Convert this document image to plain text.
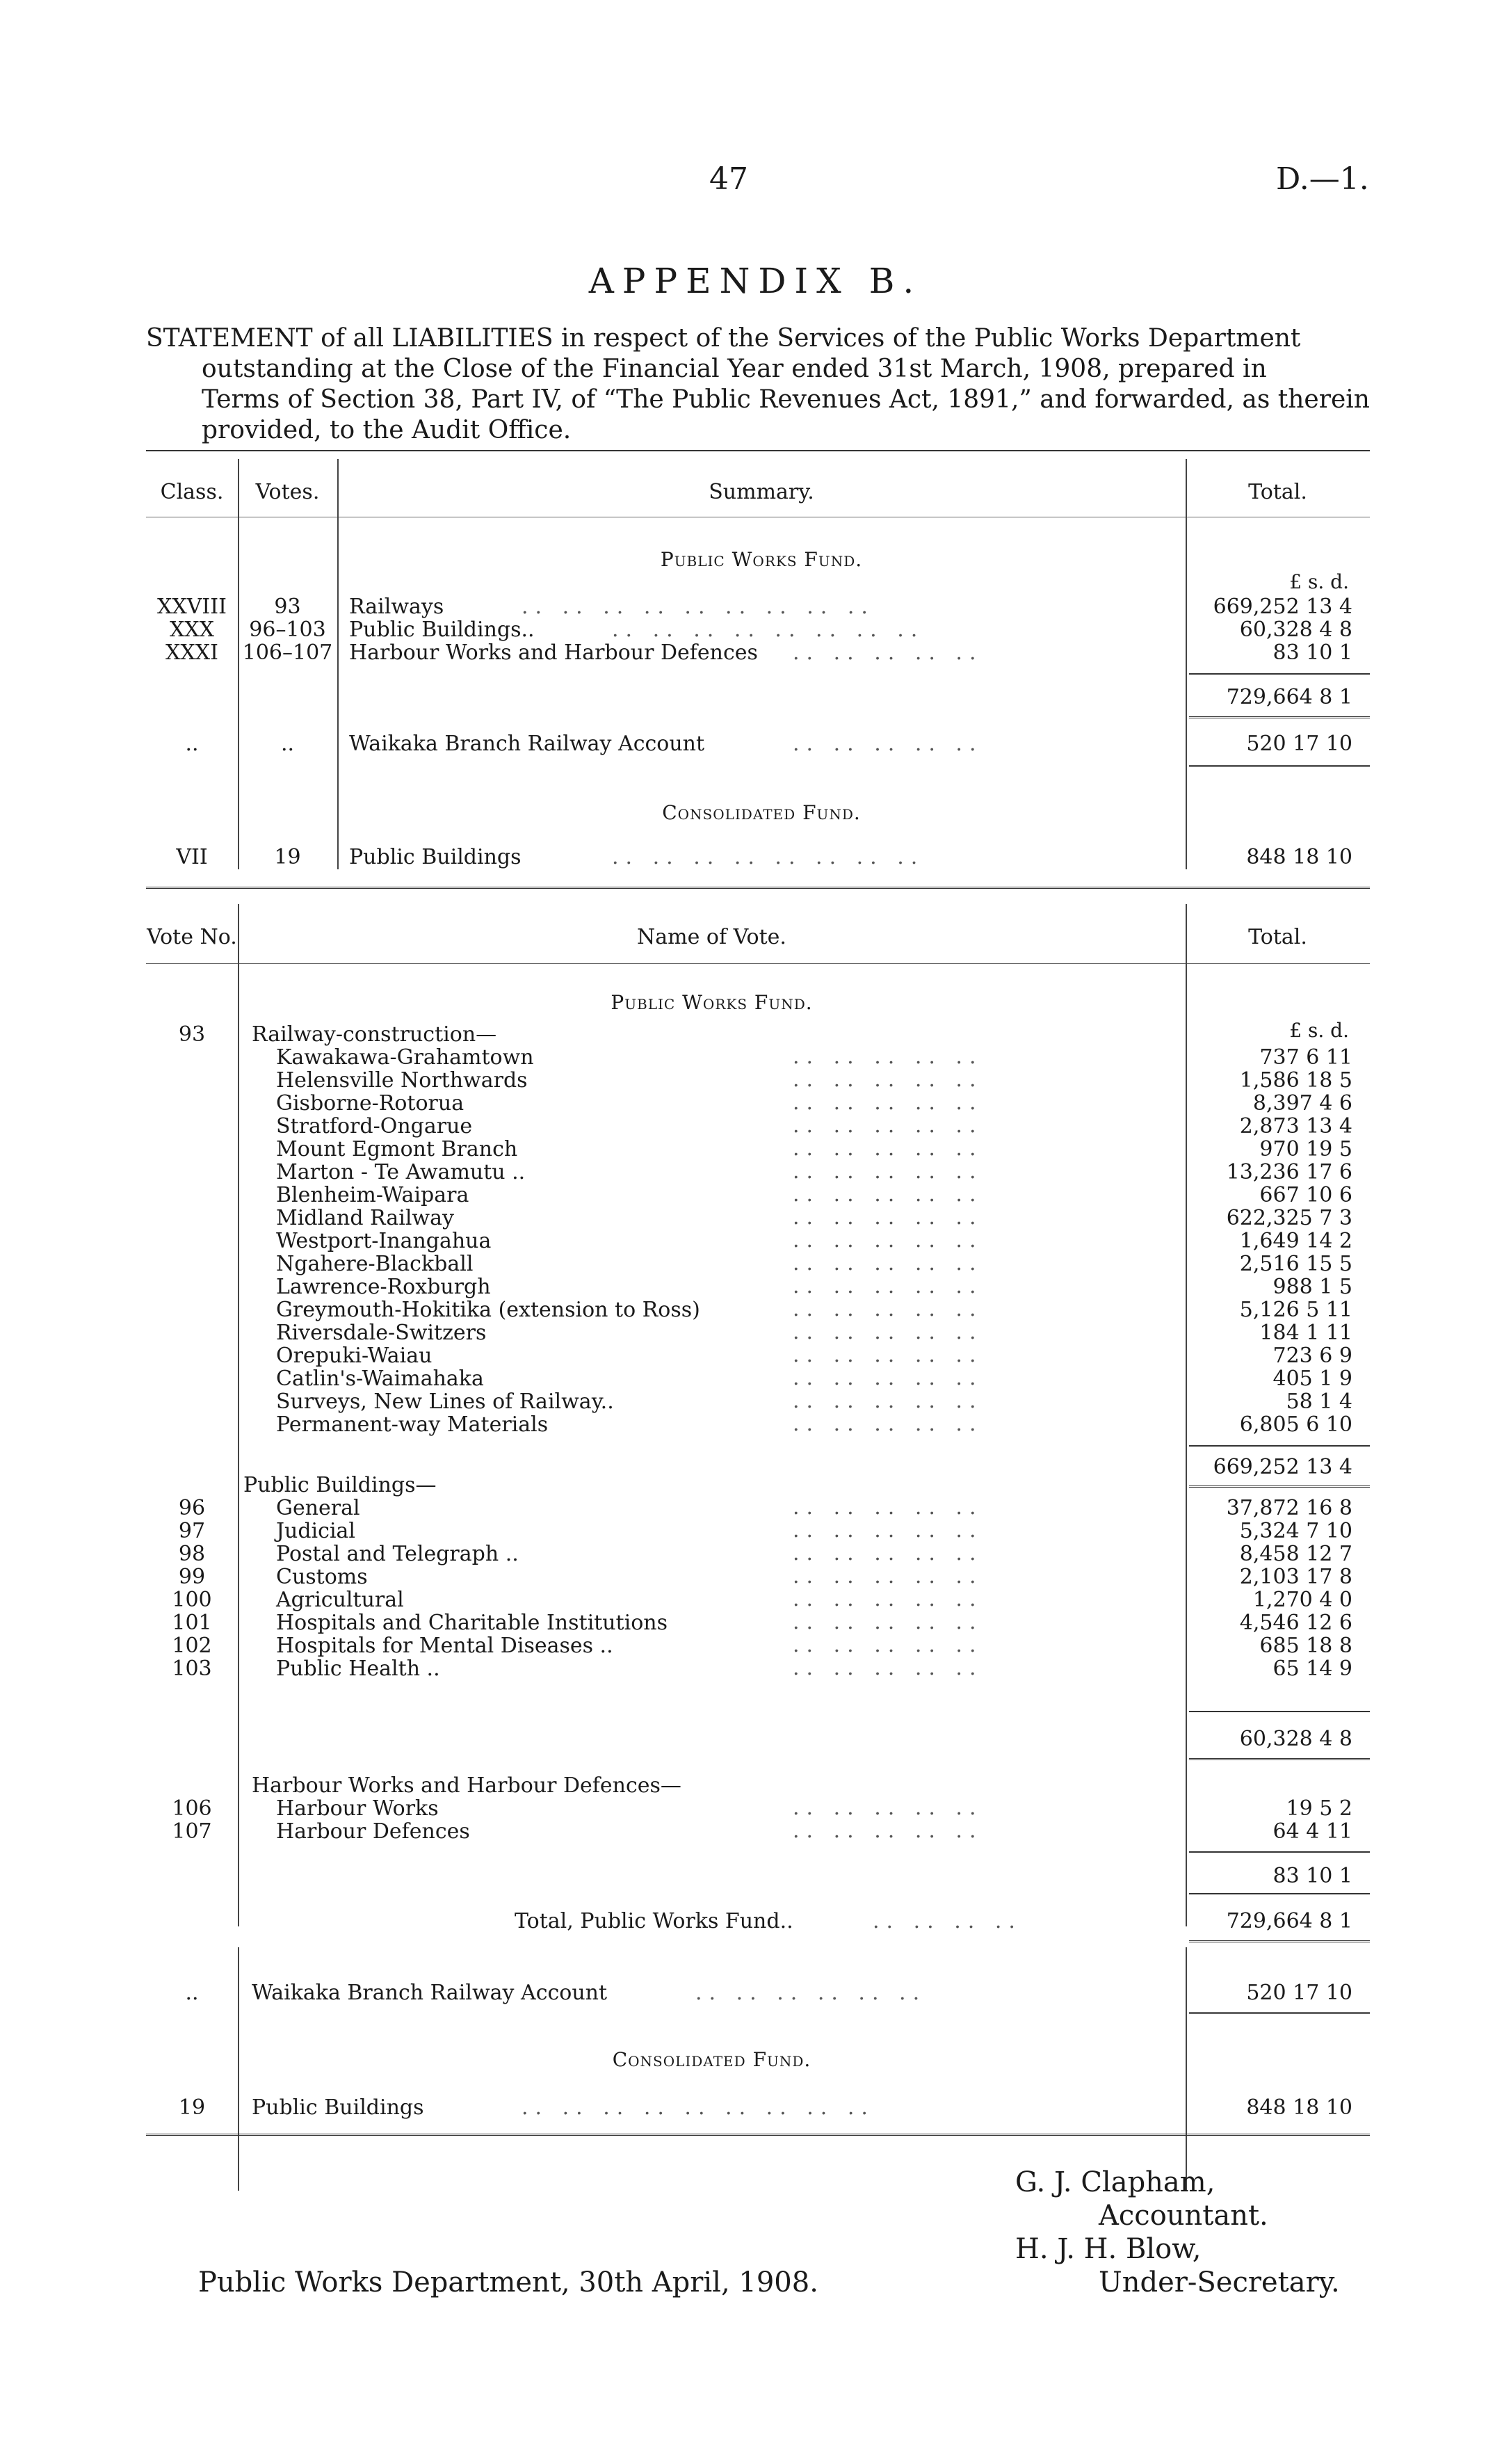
47	D.—1.
APPENDIX B.
STATEMENT of all LIABILITIES in respect of the Services of the Public Works Department
outstanding at the Close of the Financial Year ended 31st March, 1908, prepared in
Terms of Section 38, Part IV, of “The Public Revenues Act, 1891,” and forwarded, as therein
provided, to the Audit Office.
Class.	Votes.	Summary.	Total.
Public Works Fund.
£ s. d.
XXVIII	93	Railways	.. .. .. .. .. .. .. .. ..	669,252 13 4
XXX	96–103	Public Buildings..	.. .. .. .. .. .. .. ..	60,328 4 8
XXXI	106–107 Harbour Works and Harbour Defences .. .. .. .. ..	83 10 1
729,664 8 1
..	..	Waikaka Branch Railway Account	.. .. .. .. ..	520 17 10
Consolidated Fund.
VII	19	Public Buildings	.. .. .. .. .. .. .. ..	848 18 10
Vote No.	Name of Vote.	Total.
Public Works Fund.
£ s. d.
93	Railway-construction—
Kawakawa-Grahamtown	737 6 11
Helensville Northwards	1,586 18 5
Gisborne-Rotorua	8,397 4 6
Stratford-Ongarue	2,873 13 4
Mount Egmont Branch	970 19 5
Marton - Te Awamutu ..	13,236 17 6
Blenheim-Waipara	667 10 6
Midland Railway	622,325 7 3
Westport-Inangahua	1,649 14 2
Ngahere-Blackball	2,516 15 5
Lawrence-Roxburgh	988 1 5
Greymouth-Hokitika (extension to Ross)	5,126 5 11
Riversdale-Switzers	184 1 11
Orepuki-Waiau	723 6 9
Catlin's-Waimahaka	405 1 9
Surveys, New Lines of Railway..	58 1 4
Permanent-way Materials	6,805 6 10
.. .. .. .. ..
.. .. .. .. ..
.. .. .. .. ..
.. .. .. .. ..
.. .. .. .. ..
.. .. .. .. ..
.. .. .. .. ..
.. .. .. .. ..
.. .. .. .. ..
.. .. .. .. ..
.. .. .. .. ..
.. .. .. .. ..
.. .. .. .. ..
.. .. .. .. ..
.. .. .. .. ..
.. .. .. .. ..
.. .. .. .. ..
669,252 13 4
Public Buildings—
96	General	37,872 16 8
97	Judicial	5,324 7 10
98	Postal and Telegraph ..	8,458 12 7
99	Customs	2,103 17 8
100	Agricultural	1,270 4 0
101	Hospitals and Charitable Institutions	4,546 12 6
102	Hospitals for Mental Diseases ..	685 18 8
103	Public Health ..	65 14 9
.. .. .. .. ..
.. .. .. .. ..
.. .. .. .. ..
.. .. .. .. ..
.. .. .. .. ..
.. .. .. .. ..
.. .. .. .. ..
.. .. .. .. ..
60,328 4 8
Harbour Works and Harbour Defences—
106	Harbour Works	19 5 2
107	Harbour Defences	64 4 11
.. .. .. .. ..
.. .. .. .. ..
83 10 1
Total, Public Works Fund..	.. .. .. ..	729,664 8 1
..	Waikaka Branch Railway Account	.. .. .. .. .. ..	520 17 10
Consolidated Fund.
19	Public Buildings	.. .. .. .. .. .. .. .. ..	848 18 10
G. J. Clapham,
Accountant.
H. J. H. Blow,
Under-Secretary.
Public Works Department, 30th April, 1908.
